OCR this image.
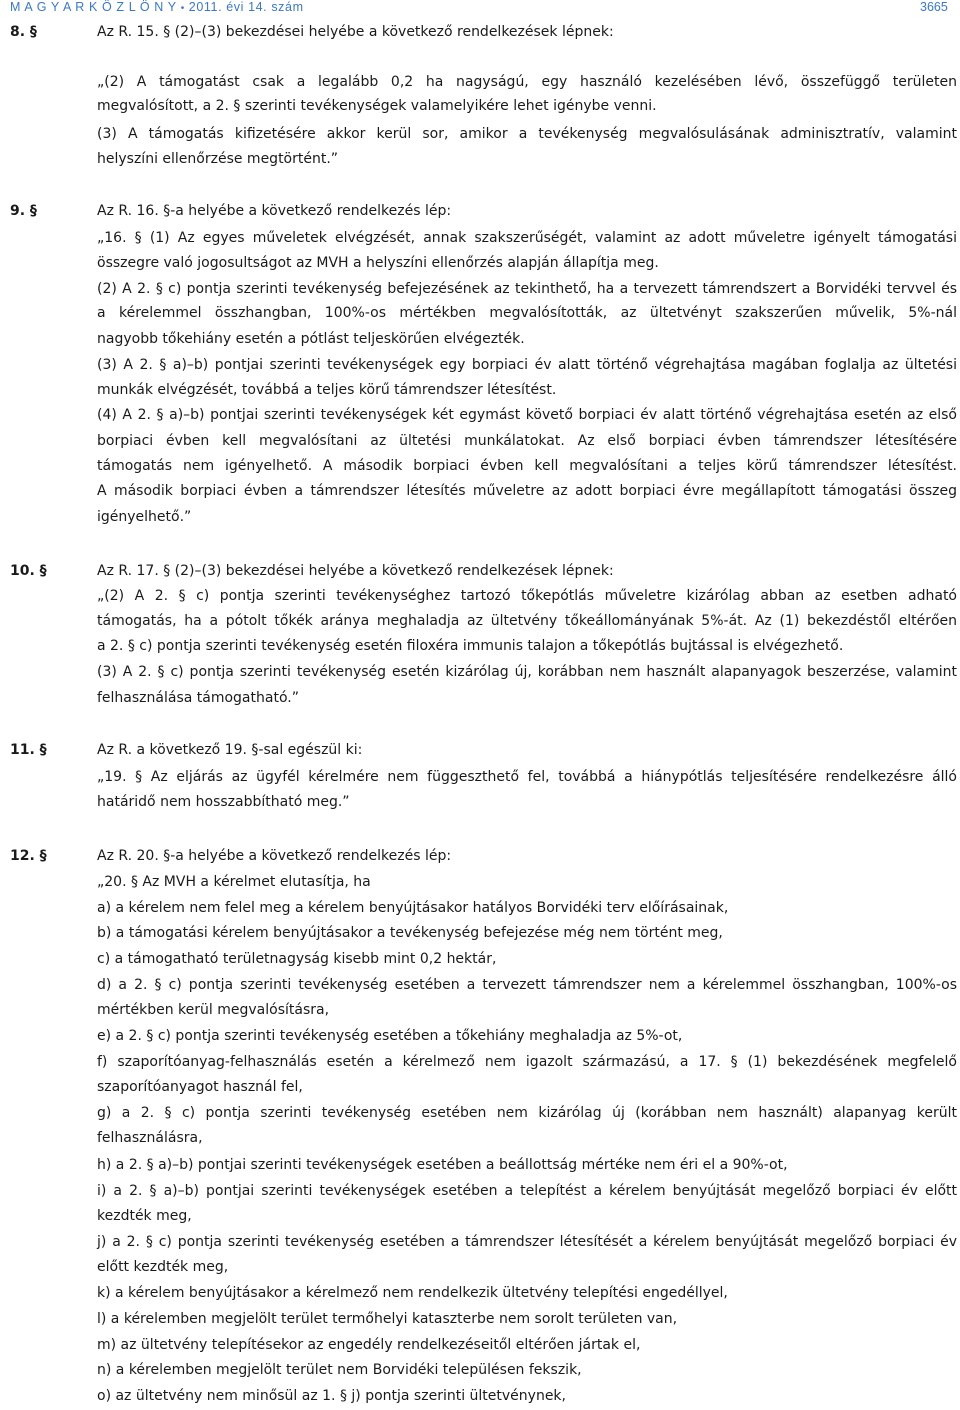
M A G Y A R K Ö Z L Ö N Y • 2011. évi 14. szám	3665
8. §	Az R. 15. § (2)–(3) bekezdései helyébe a következő rendelkezések lépnek:
„(2) A támogatást csak a legalább 0,2 ha nagyságú, egy használó kezelésében lévő, összefüggő területen
megvalósított, a 2. § szerinti tevékenységek valamelyikére lehet igénybe venni.
(3) A támogatás kifizetésére akkor kerül sor, amikor a tevékenység megvalósulásának adminisztratív, valamint
helyszíni ellenőrzése megtörtént.”
9. §	Az R. 16. §-a helyébe a következő rendelkezés lép:
„16. § (1) Az egyes műveletek elvégzését, annak szakszerűségét, valamint az adott műveletre igényelt támogatási
összegre való jogosultságot az MVH a helyszíni ellenőrzés alapján állapítja meg.
(2) A 2. § c) pontja szerinti tevékenység befejezésének az tekinthető, ha a tervezett támrendszert a Borvidéki tervvel és
a kérelemmel összhangban, 100%-os mértékben megvalósították, az ültetvényt szakszerűen művelik, 5%-nál
nagyobb tőkehiány esetén a pótlást teljeskörűen elvégezték.
(3) A 2. § a)–b) pontjai szerinti tevékenységek egy borpiaci év alatt történő végrehajtása magában foglalja az ültetési
munkák elvégzését, továbbá a teljes körű támrendszer létesítést.
(4) A 2. § a)–b) pontjai szerinti tevékenységek két egymást követő borpiaci év alatt történő végrehajtása esetén az első
borpiaci évben kell megvalósítani az ültetési munkálatokat. Az első borpiaci évben támrendszer létesítésére
támogatás nem igényelhető. A második borpiaci évben kell megvalósítani a teljes körű támrendszer létesítést.
A második borpiaci évben a támrendszer létesítés műveletre az adott borpiaci évre megállapított támogatási összeg
igényelhető.”
10. §	Az R. 17. § (2)–(3) bekezdései helyébe a következő rendelkezések lépnek:
„(2) A 2. § c) pontja szerinti tevékenységhez tartozó tőkepótlás műveletre kizárólag abban az esetben adható
támogatás, ha a pótolt tőkék aránya meghaladja az ültetvény tőkeállományának 5%-át. Az (1) bekezdéstől eltérően
a 2. § c) pontja szerinti tevékenység esetén filoxéra immunis talajon a tőkepótlás bujtással is elvégezhető.
(3) A 2. § c) pontja szerinti tevékenység esetén kizárólag új, korábban nem használt alapanyagok beszerzése, valamint
felhasználása támogatható.”
11. §	Az R. a következő 19. §-sal egészül ki:
„19. § Az eljárás az ügyfél kérelmére nem függeszthető fel, továbbá a hiánypótlás teljesítésére rendelkezésre álló
határidő nem hosszabbítható meg.”
12. §	Az R. 20. §-a helyébe a következő rendelkezés lép:
„20. § Az MVH a kérelmet elutasítja, ha
a) a kérelem nem felel meg a kérelem benyújtásakor hatályos Borvidéki terv előírásainak,
b) a támogatási kérelem benyújtásakor a tevékenység befejezése még nem történt meg,
c) a támogatható területnagyság kisebb mint 0,2 hektár,
d) a 2. § c) pontja szerinti tevékenység esetében a tervezett támrendszer nem a kérelemmel összhangban, 100%-os
mértékben kerül megvalósításra,
e) a 2. § c) pontja szerinti tevékenység esetében a tőkehiány meghaladja az 5%-ot,
f) szaporítóanyag-felhasználás esetén a kérelmező nem igazolt származású, a 17. § (1) bekezdésének megfelelő
szaporítóanyagot használ fel,
g) a 2. § c) pontja szerinti tevékenység esetében nem kizárólag új (korábban nem használt) alapanyag került
felhasználásra,
h) a 2. § a)–b) pontjai szerinti tevékenységek esetében a beállottság mértéke nem éri el a 90%-ot,
i) a 2. § a)–b) pontjai szerinti tevékenységek esetében a telepítést a kérelem benyújtását megelőző borpiaci év előtt
kezdték meg,
j) a 2. § c) pontja szerinti tevékenység esetében a támrendszer létesítését a kérelem benyújtását megelőző borpiaci év
előtt kezdték meg,
k) a kérelem benyújtásakor a kérelmező nem rendelkezik ültetvény telepítési engedéllyel,
l) a kérelemben megjelölt terület termőhelyi kataszterbe nem sorolt területen van,
m) az ültetvény telepítésekor az engedély rendelkezéseitől eltérően jártak el,
n) a kérelemben megjelölt terület nem Borvidéki településen fekszik,
o) az ültetvény nem minősül az 1. § j) pontja szerinti ültetvénynek,
